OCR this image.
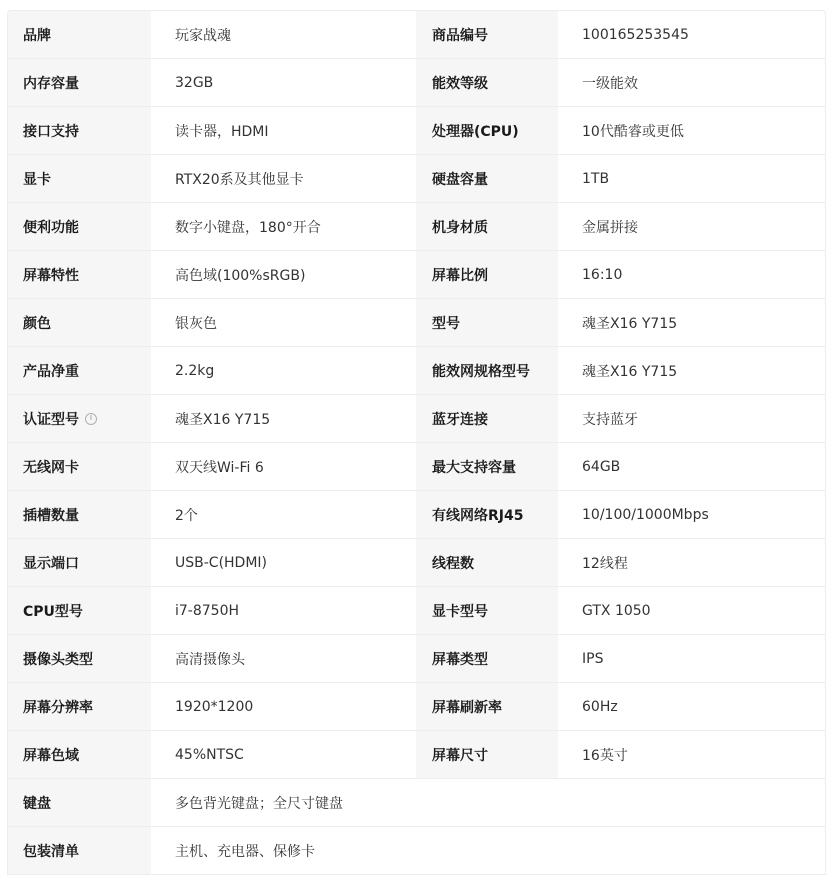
品牌	玩家战魂	商品编号	100165253545
内存容量	32GB	能效等级	一级能效
接口支持	读卡器，HDMI	处理器(CPU)	10代酷睿或更低
显卡	RTX20系及其他显卡	硬盘容量	1TB
便利功能	数字小键盘，180°开合	机身材质	金属拼接
屏幕特性	高色域(100%sRGB)	屏幕比例	16:10
颜色	银灰色	型号	魂圣X16 Y715
产品净重	2.2kg	能效网规格型号	魂圣X16 Y715
认证型号	i	魂圣X16 Y715	蓝牙连接	支持蓝牙
无线网卡	双天线Wi-Fi 6	最大支持容量	64GB
插槽数量	2个	有线网络RJ45	10/100/1000Mbps
显示端口	USB-C(HDMI)	线程数	12线程
CPU型号	i7-8750H	显卡型号	GTX 1050
摄像头类型	高清摄像头	屏幕类型	IPS
屏幕分辨率	1920*1200	屏幕刷新率	60Hz
屏幕色域	45%NTSC	屏幕尺寸	16英寸
键盘	多色背光键盘；全尺寸键盘
包装清单	主机、充电器、保修卡
